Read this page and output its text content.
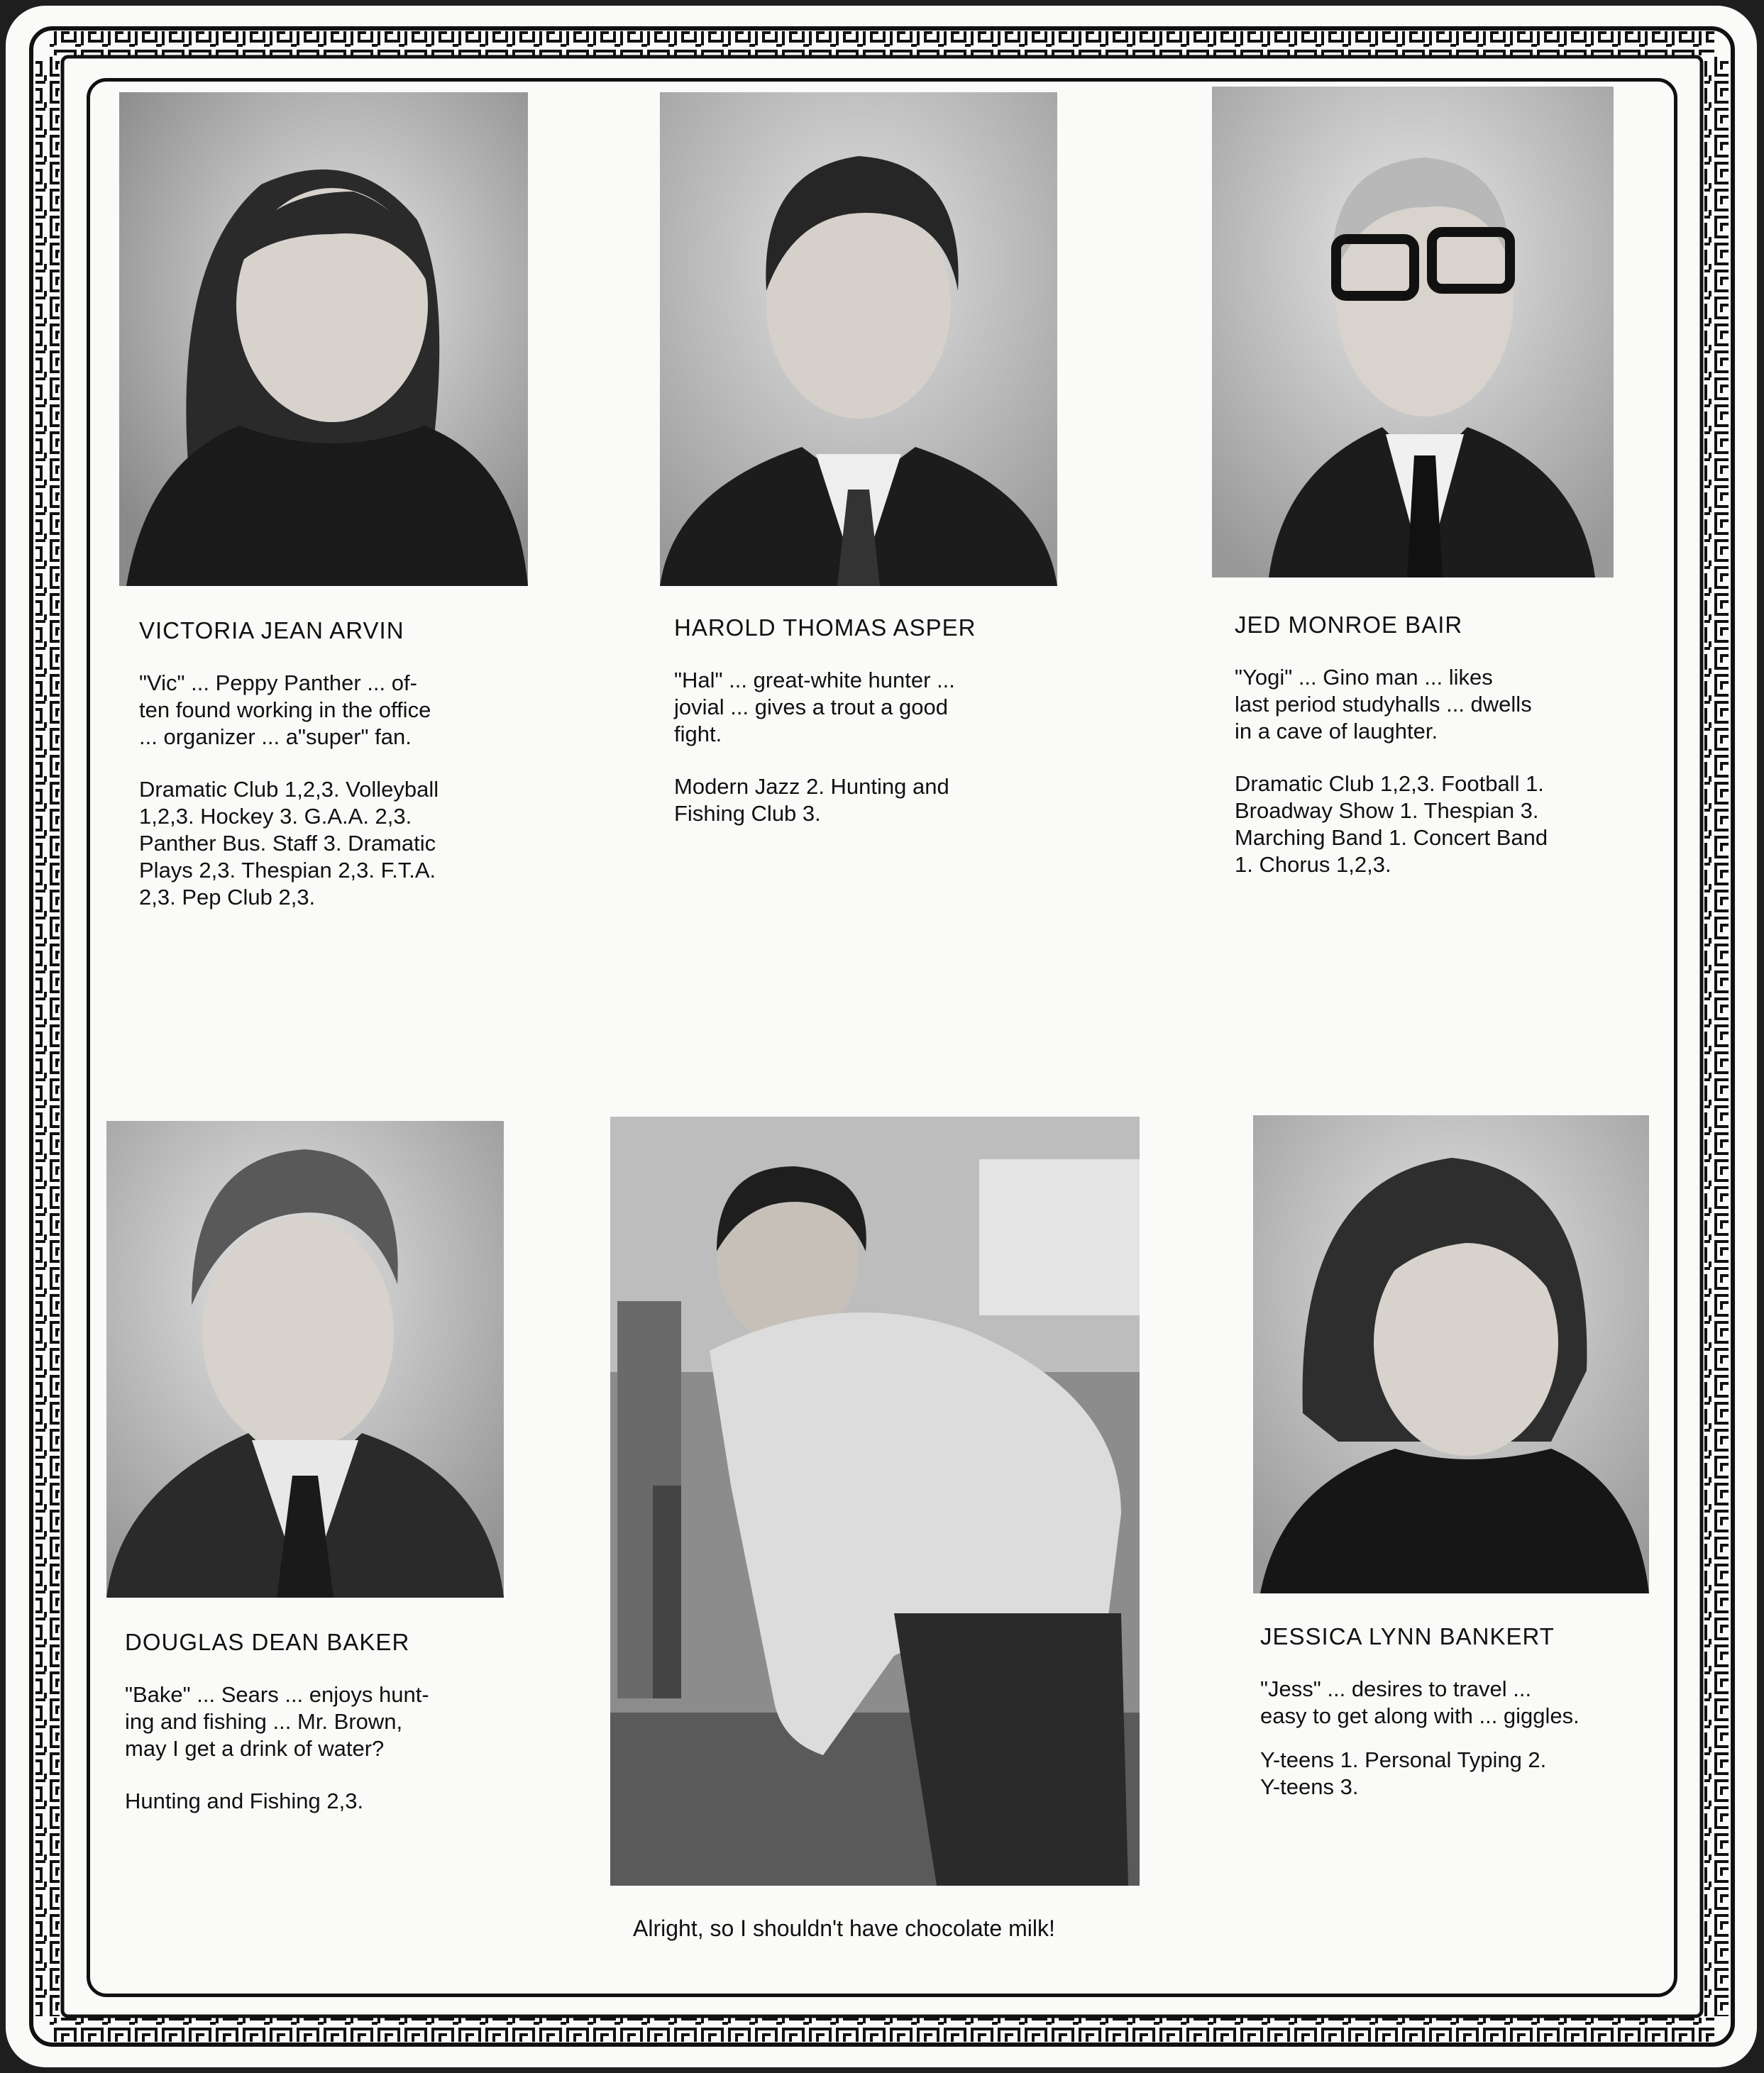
VICTORIA JEAN ARVIN

"Vic" ... Peppy Panther ... of-

ten found working in the office

... organizer ... a"super" fan.

Dramatic Club 1,2,3. Volleyball

1,2,3. Hockey 3. G.A.A. 2,3.

Panther Bus. Staff 3. Dramatic

Plays 2,3. Thespian 2,3. F.T.A.

2,3. Pep Club 2,3.

HAROLD THOMAS ASPER

"Hal" ... great-white hunter ...

jovial ... gives a trout a good

fight.

Modern Jazz 2. Hunting and

Fishing Club 3.

JED MONROE BAIR

"Yogi" ... Gino man ... likes

last period studyhalls ... dwells

in a cave of laughter.

Dramatic Club 1,2,3. Football 1.

Broadway Show 1. Thespian 3.

Marching Band 1. Concert Band

1. Chorus 1,2,3.

DOUGLAS DEAN BAKER

"Bake" ... Sears ... enjoys hunt-

ing and fishing ... Mr. Brown,

may I get a drink of water?

Hunting and Fishing 2,3.

JESSICA LYNN BANKERT

"Jess" ... desires to travel ...

easy to get along with ... giggles.

Y-teens 1. Personal Typing 2.

Y-teens 3.

Alright, so I shouldn't have chocolate milk!
